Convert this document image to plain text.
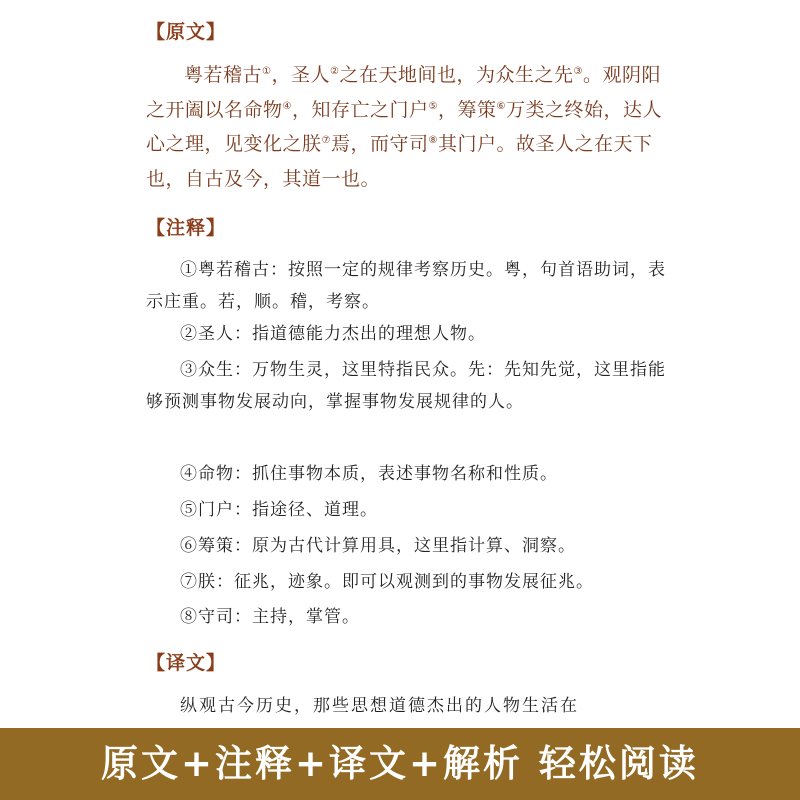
【原文】

粤若稽古①，圣人②之在天地间也，为众生之先③。观阴阳之开阖以名命物④，知存亡之门户⑤，筹策⑥万类之终始，达人心之理，见变化之朕⑦焉，而守司⑧其门户。故圣人之在天下也，自古及今，其道一也。

【注释】

①粤若稽古：按照一定的规律考察历史。粤，句首语助词，表示庄重。若，顺。稽，考察。

②圣人：指道德能力杰出的理想人物。

③众生：万物生灵，这里特指民众。先：先知先觉，这里指能够预测事物发展动向，掌握事物发展规律的人。

④命物：抓住事物本质，表述事物名称和性质。

⑤门户：指途径、道理。

⑥筹策：原为古代计算用具，这里指计算、洞察。

⑦朕：征兆，迹象。即可以观测到的事物发展征兆。

⑧守司：主持，掌管。

【译文】

纵观古今历史，那些思想道德杰出的人物生活在

原文+注释+译文+解析 轻松阅读
